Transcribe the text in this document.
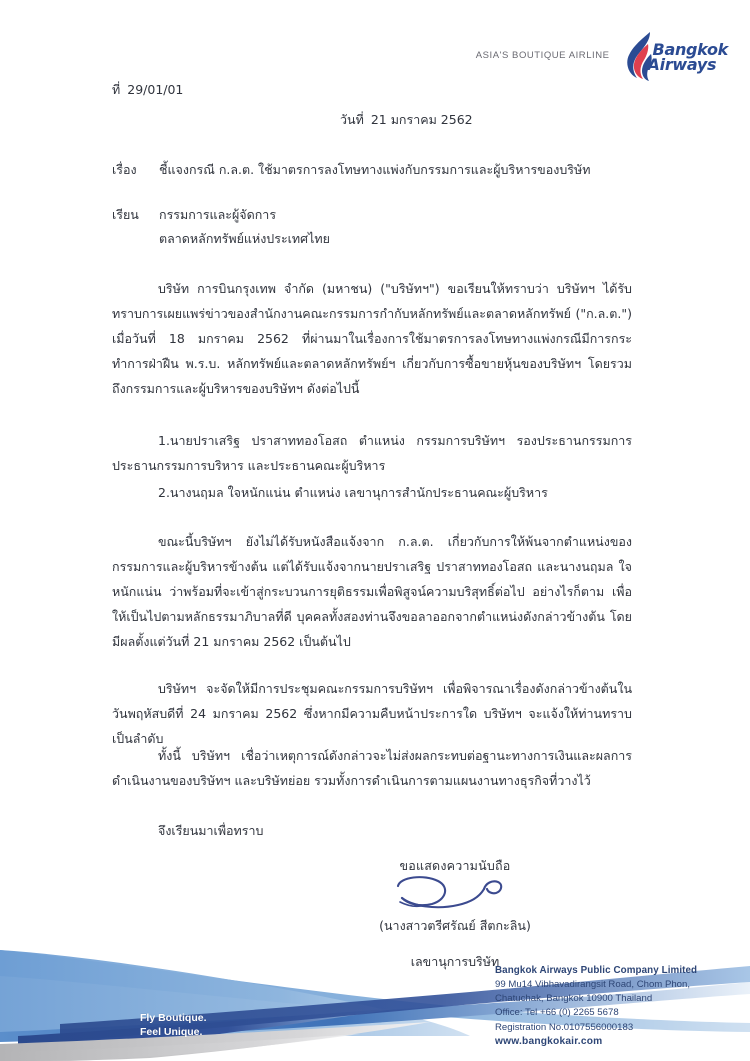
ASIA'S BOUTIQUE AIRLINE	Bangkok
Airways
ที่ 29/01/01
วันที่ 21 มกราคม 2562
เรื่อง	ชี้แจงกรณี ก.ล.ต. ใช้มาตรการลงโทษทางแพ่งกับกรรมการและผู้บริหารของบริษัท
เรียน	กรรมการและผู้จัดการ
ตลาดหลักทรัพย์แห่งประเทศไทย
บริษัท การบินกรุงเทพ จำกัด (มหาชน) ("บริษัทฯ") ขอเรียนให้ทราบว่า บริษัทฯ ได้รับทราบการเผยแพร่ข่าวของสำนักงานคณะกรรมการกำกับหลักทรัพย์และตลาดหลักทรัพย์ ("ก.ล.ต.") เมื่อวันที่ 18 มกราคม 2562 ที่ผ่านมาในเรื่องการใช้มาตรการลงโทษทางแพ่งกรณีมีการกระทำการฝ่าฝืน พ.ร.บ. หลักทรัพย์และตลาดหลักทรัพย์ฯ เกี่ยวกับการซื้อขายหุ้นของบริษัทฯ โดยรวมถึงกรรมการและผู้บริหารของบริษัทฯ ดังต่อไปนี้
1.นายปราเสริฐ ปราสาททองโอสถ ตำแหน่ง กรรมการบริษัทฯ รองประธานกรรมการ ประธานกรรมการบริหาร และประธานคณะผู้บริหาร
2.นางนฤมล ใจหนักแน่น ตำแหน่ง เลขานุการสำนักประธานคณะผู้บริหาร
ขณะนี้บริษัทฯ ยังไม่ได้รับหนังสือแจ้งจาก ก.ล.ต. เกี่ยวกับการให้พ้นจากตำแหน่งของกรรมการและผู้บริหารข้างต้น แต่ได้รับแจ้งจากนายปราเสริฐ ปราสาททองโอสถ และนางนฤมล ใจหนักแน่น ว่าพร้อมที่จะเข้าสู่กระบวนการยุติธรรมเพื่อพิสูจน์ความบริสุทธิ์ต่อไป อย่างไรก็ตาม เพื่อให้เป็นไปตามหลักธรรมาภิบาลที่ดี บุคคลทั้งสองท่านจึงขอลาออกจากตำแหน่งดังกล่าวข้างต้น โดยมีผลตั้งแต่วันที่ 21 มกราคม 2562 เป็นต้นไป
บริษัทฯ จะจัดให้มีการประชุมคณะกรรมการบริษัทฯ เพื่อพิจารณาเรื่องดังกล่าวข้างต้นในวันพฤหัสบดีที่ 24 มกราคม 2562 ซึ่งหากมีความคืบหน้าประการใด บริษัทฯ จะแจ้งให้ท่านทราบเป็นลำดับ
ทั้งนี้ บริษัทฯ เชื่อว่าเหตุการณ์ดังกล่าวจะไม่ส่งผลกระทบต่อฐานะทางการเงินและผลการดำเนินงานของบริษัทฯ และบริษัทย่อย รวมทั้งการดำเนินการตามแผนงานทางธุรกิจที่วางไว้
จึงเรียนมาเพื่อทราบ
ขอแสดงความนับถือ
(นางสาวตรีศรัณย์ สีตกะลิน)
เลขานุการบริษัท
Fly Boutique.
Feel Unique.
Bangkok Airways Public Company Limited
99 Mu14 Vibhavadirangsit Road, Chom Phon,
Chatuchak, Bangkok 10900 Thailand
Office: Tel +66 (0) 2265 5678
Registration No.0107556000183
www.bangkokair.com
